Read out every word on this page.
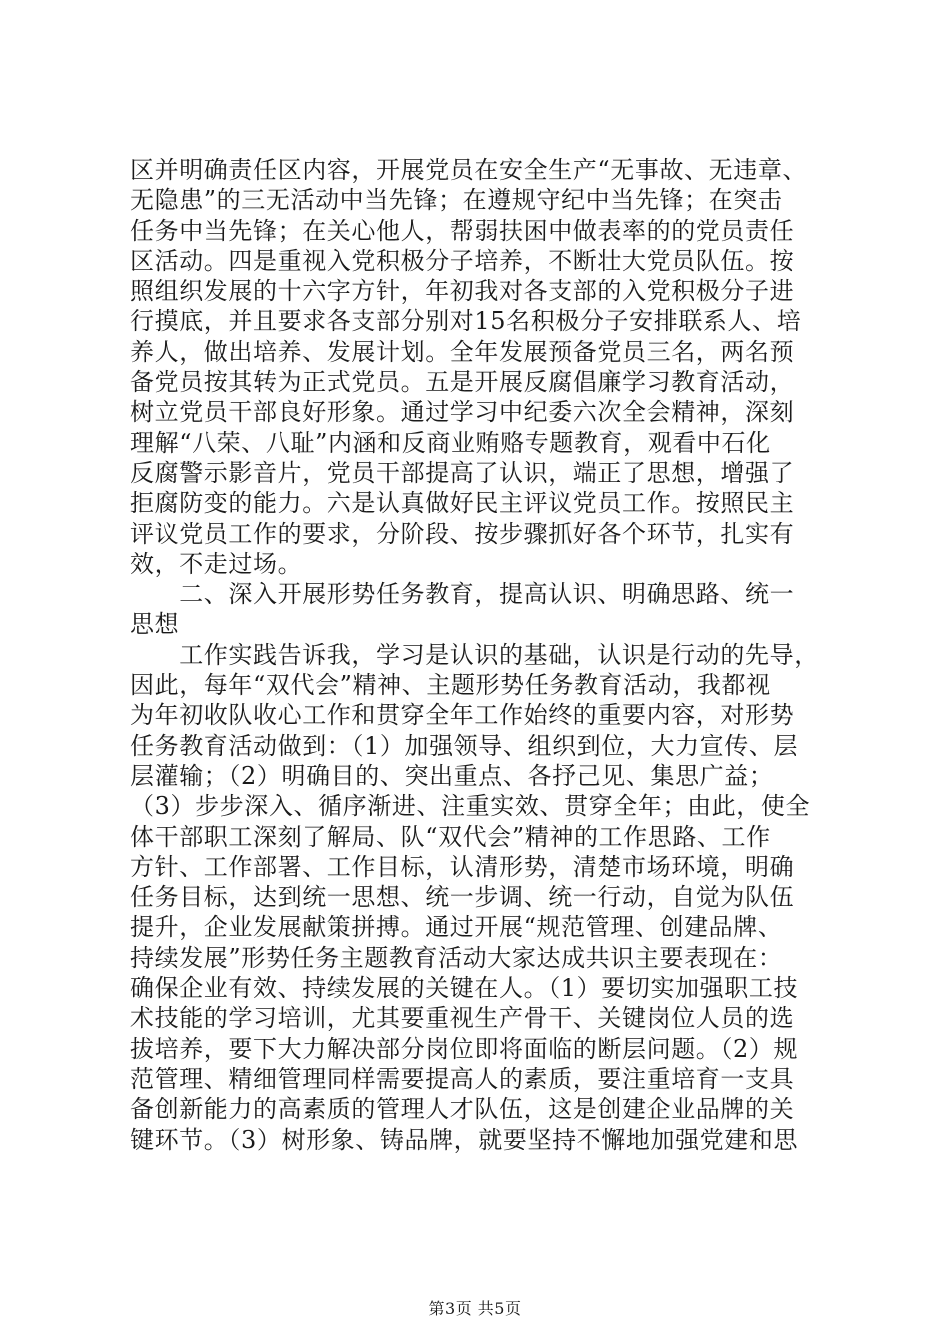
区并明确责任区内容，开展党员在安全生产“无事故、无违章、
无隐患”的三无活动中当先锋；在遵规守纪中当先锋；在突击
任务中当先锋；在关心他人，帮弱扶困中做表率的的党员责任
区活动。四是重视入党积极分子培养，不断壮大党员队伍。按
照组织发展的十六字方针，年初我对各支部的入党积极分子进
行摸底，并且要求各支部分别对15名积极分子安排联系人、培
养人，做出培养、发展计划。全年发展预备党员三名，两名预
备党员按其转为正式党员。五是开展反腐倡廉学习教育活动，
树立党员干部良好形象。通过学习中纪委六次全会精神，深刻
理解“八荣、八耻”内涵和反商业贿赂专题教育，观看中石化
反腐警示影音片，党员干部提高了认识，端正了思想，增强了
拒腐防变的能力。六是认真做好民主评议党员工作。按照民主
评议党员工作的要求，分阶段、按步骤抓好各个环节，扎实有
效，不走过场。
　　二、深入开展形势任务教育，提高认识、明确思路、统一
思想
　　工作实践告诉我，学习是认识的基础，认识是行动的先导，
因此，每年“双代会”精神、主题形势任务教育活动，我都视
为年初收队收心工作和贯穿全年工作始终的重要内容，对形势
任务教育活动做到：（1）加强领导、组织到位，大力宣传、层
层灌输；（2）明确目的、突出重点、各抒己见、集思广益；
（3）步步深入、循序渐进、注重实效、贯穿全年；由此，使全
体干部职工深刻了解局、队“双代会”精神的工作思路、工作
方针、工作部署、工作目标，认清形势，清楚市场环境，明确
任务目标，达到统一思想、统一步调、统一行动，自觉为队伍
提升，企业发展献策拼搏。通过开展“规范管理、创建品牌、
持续发展”形势任务主题教育活动大家达成共识主要表现在：
确保企业有效、持续发展的关键在人。（1）要切实加强职工技
术技能的学习培训，尤其要重视生产骨干、关键岗位人员的选
拔培养，要下大力解决部分岗位即将面临的断层问题。（2）规
范管理、精细管理同样需要提高人的素质，要注重培育一支具
备创新能力的高素质的管理人才队伍，这是创建企业品牌的关
键环节。（3）树形象、铸品牌，就要坚持不懈地加强党建和思
第3页 共5页
